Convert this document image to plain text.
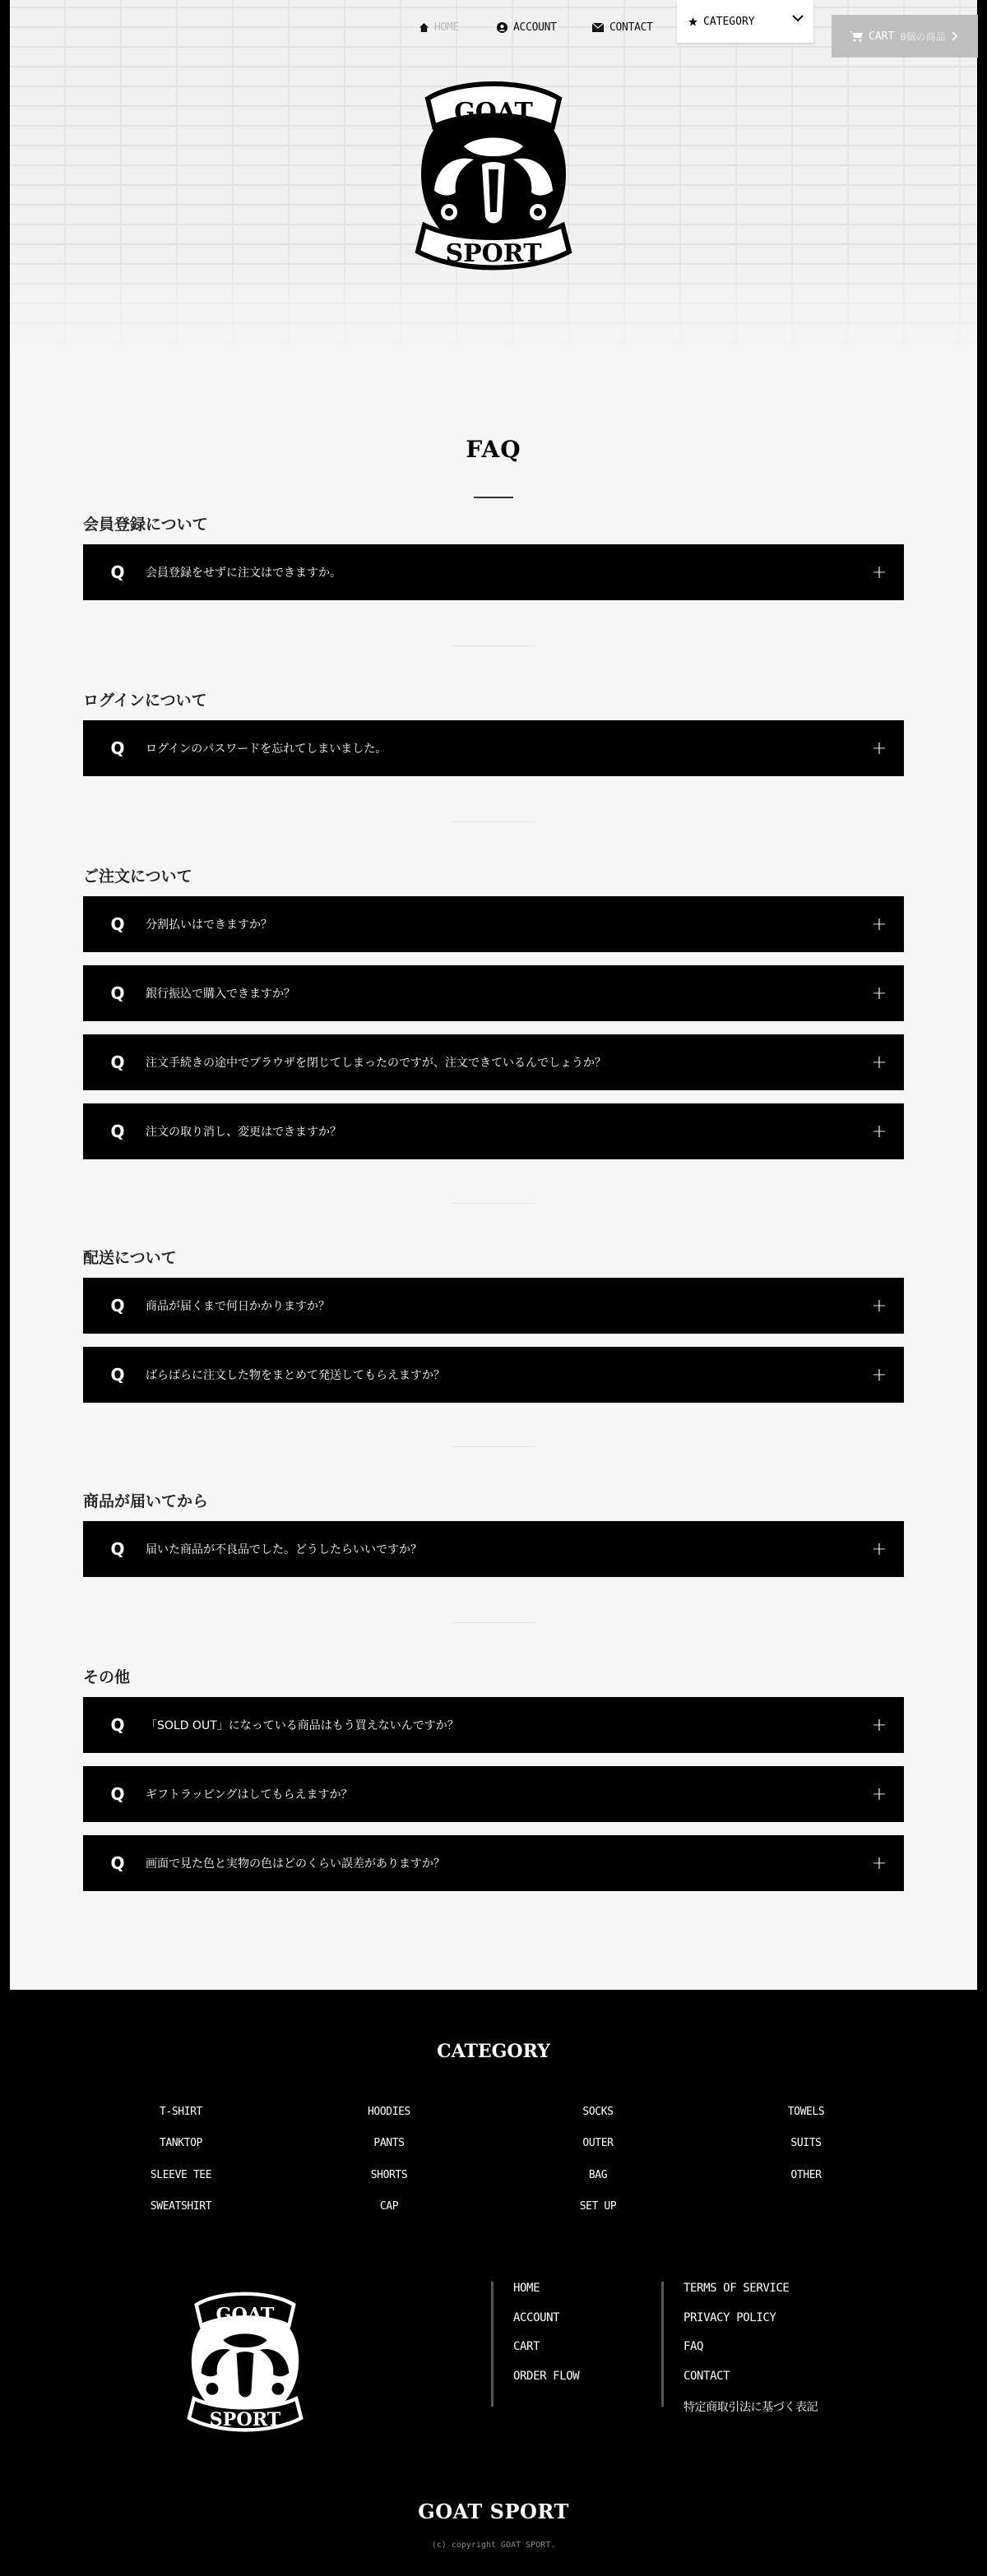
HOME	ACCOUNT	CONTACT	CATEGORY
CART 0個の商品
GOAT
SPORT
FAQ
会員登録について
Q	会員登録をせずに注文はできますか。	+
ログインについて
Q	ログインのパスワードを忘れてしまいました。	+
ご注文について
Q	分割払いはできますか？	+
Q	銀行振込で購入できますか？	+
Q	注文手続きの途中でブラウザを閉じてしまったのですが、注文できているんでしょうか？	+
Q	注文の取り消し、変更はできますか？	+
配送について
Q	商品が届くまで何日かかりますか？	+
Q	ばらばらに注文した物をまとめて発送してもらえますか？	+
商品が届いてから
Q	届いた商品が不良品でした。どうしたらいいですか？	+
その他
Q	「SOLD OUT」になっている商品はもう買えないんですか？	+
Q	ギフトラッピングはしてもらえますか？	+
Q	画面で見た色と実物の色はどのくらい誤差がありますか？	+
CATEGORY
T-SHIRT	HOODIES	SOCKS	TOWELS
TANKTOP	PANTS	OUTER	SUITS
SLEEVE TEE	SHORTS	BAG	OTHER
SWEATSHIRT	CAP	SET UP
GOAT
SPORT
HOME
ACCOUNT
CART
ORDER FLOW
TERMS OF SERVICE
PRIVACY POLICY
FAQ
CONTACT
特定商取引法に基づく表記
GOAT SPORT
(c) copyright GOAT SPORT.
